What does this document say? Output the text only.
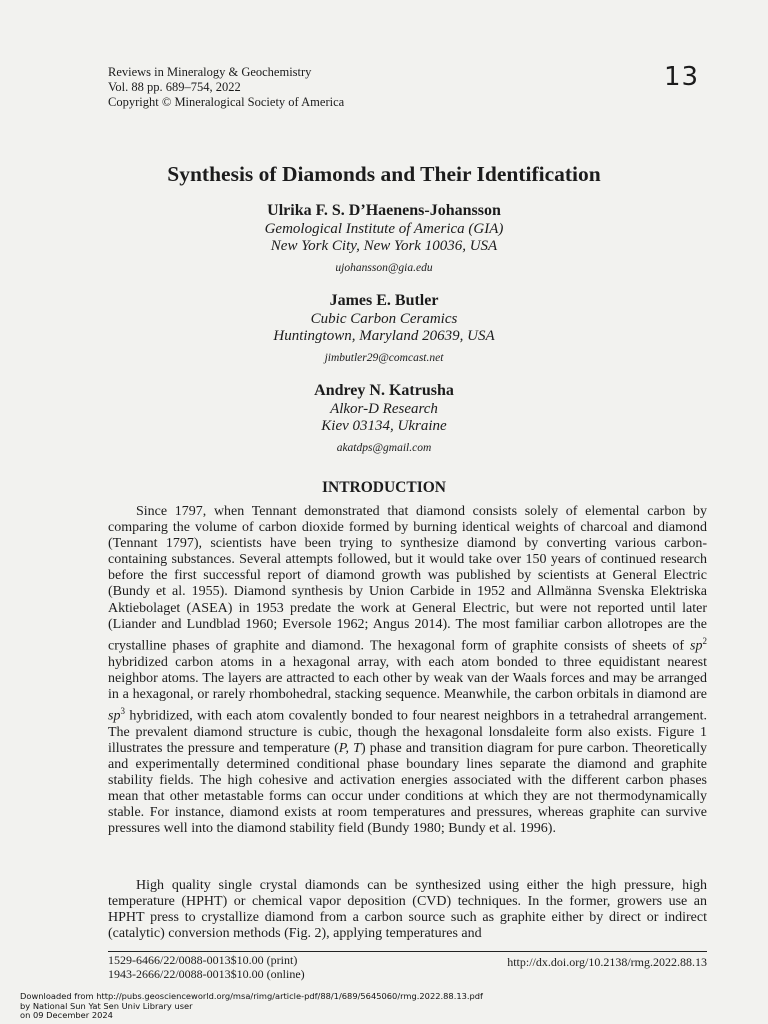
Reviews in Mineralogy & Geochemistry
Vol. 88 pp. 689–754, 2022
Copyright © Mineralogical Society of America
13
Synthesis of Diamonds and Their Identification
Ulrika F. S. D’Haenens-Johansson
Gemological Institute of America (GIA)
New York City, New York 10036, USA
ujohansson@gia.edu
James E. Butler
Cubic Carbon Ceramics
Huntingtown, Maryland 20639, USA
jimbutler29@comcast.net
Andrey N. Katrusha
Alkor-D Research
Kiev 03134, Ukraine
akatdps@gmail.com
INTRODUCTION

Since 1797, when Tennant demonstrated that diamond consists solely of elemental carbon by comparing the volume of carbon dioxide formed by burning identical weights of charcoal and diamond (Tennant 1797), scientists have been trying to synthesize diamond by converting various carbon-containing substances. Several attempts followed, but it would take over 150 years of continued research before the first successful report of diamond growth was published by scientists at General Electric (Bundy et al. 1955). Diamond synthesis by Union Carbide in 1952 and Allmänna Svenska Elektriska Aktiebolaget (ASEA) in 1953 predate the work at General Electric, but were not reported until later (Liander and Lundblad 1960; Eversole 1962; Angus 2014). The most familiar carbon allotropes are the crystalline phases of graphite and diamond. The hexagonal form of graphite consists of sheets of $sp^2$ hybridized carbon atoms in a hexagonal array, with each atom bonded to three equidistant nearest neighbor atoms. The layers are attracted to each other by weak van der Waals forces and may be arranged in a hexagonal, or rarely rhombohedral, stacking sequence. Meanwhile, the carbon orbitals in diamond are $sp^3$ hybridized, with each atom covalently bonded to four nearest neighbors in a tetrahedral arrangement. The prevalent diamond structure is cubic, though the hexagonal lonsdaleite form also exists. Figure 1 illustrates the pressure and temperature (P, T) phase and transition diagram for pure carbon. Theoretically and experimentally determined conditional phase boundary lines separate the diamond and graphite stability fields. The high cohesive and activation energies associated with the different carbon phases mean that other metastable forms can occur under conditions at which they are not thermodynamically stable. For instance, diamond exists at room temperatures and pressures, whereas graphite can survive pressures well into the diamond stability field (Bundy 1980; Bundy et al. 1996).

High quality single crystal diamonds can be synthesized using either the high pressure, high temperature (HPHT) or chemical vapor deposition (CVD) techniques. In the former, growers use an HPHT press to crystallize diamond from a carbon source such as graphite either by direct or indirect (catalytic) conversion methods (Fig. 2), applying temperatures and

1529-6466/22/0088-0013$10.00 (print)
1943-2666/22/0088-0013$10.00 (online)
http://dx.doi.org/10.2138/rmg.2022.88.13
Downloaded from http://pubs.geoscienceworld.org/msa/rimg/article-pdf/88/1/689/5645060/rmg.2022.88.13.pdf
by National Sun Yat Sen Univ Library user
on 09 December 2024
